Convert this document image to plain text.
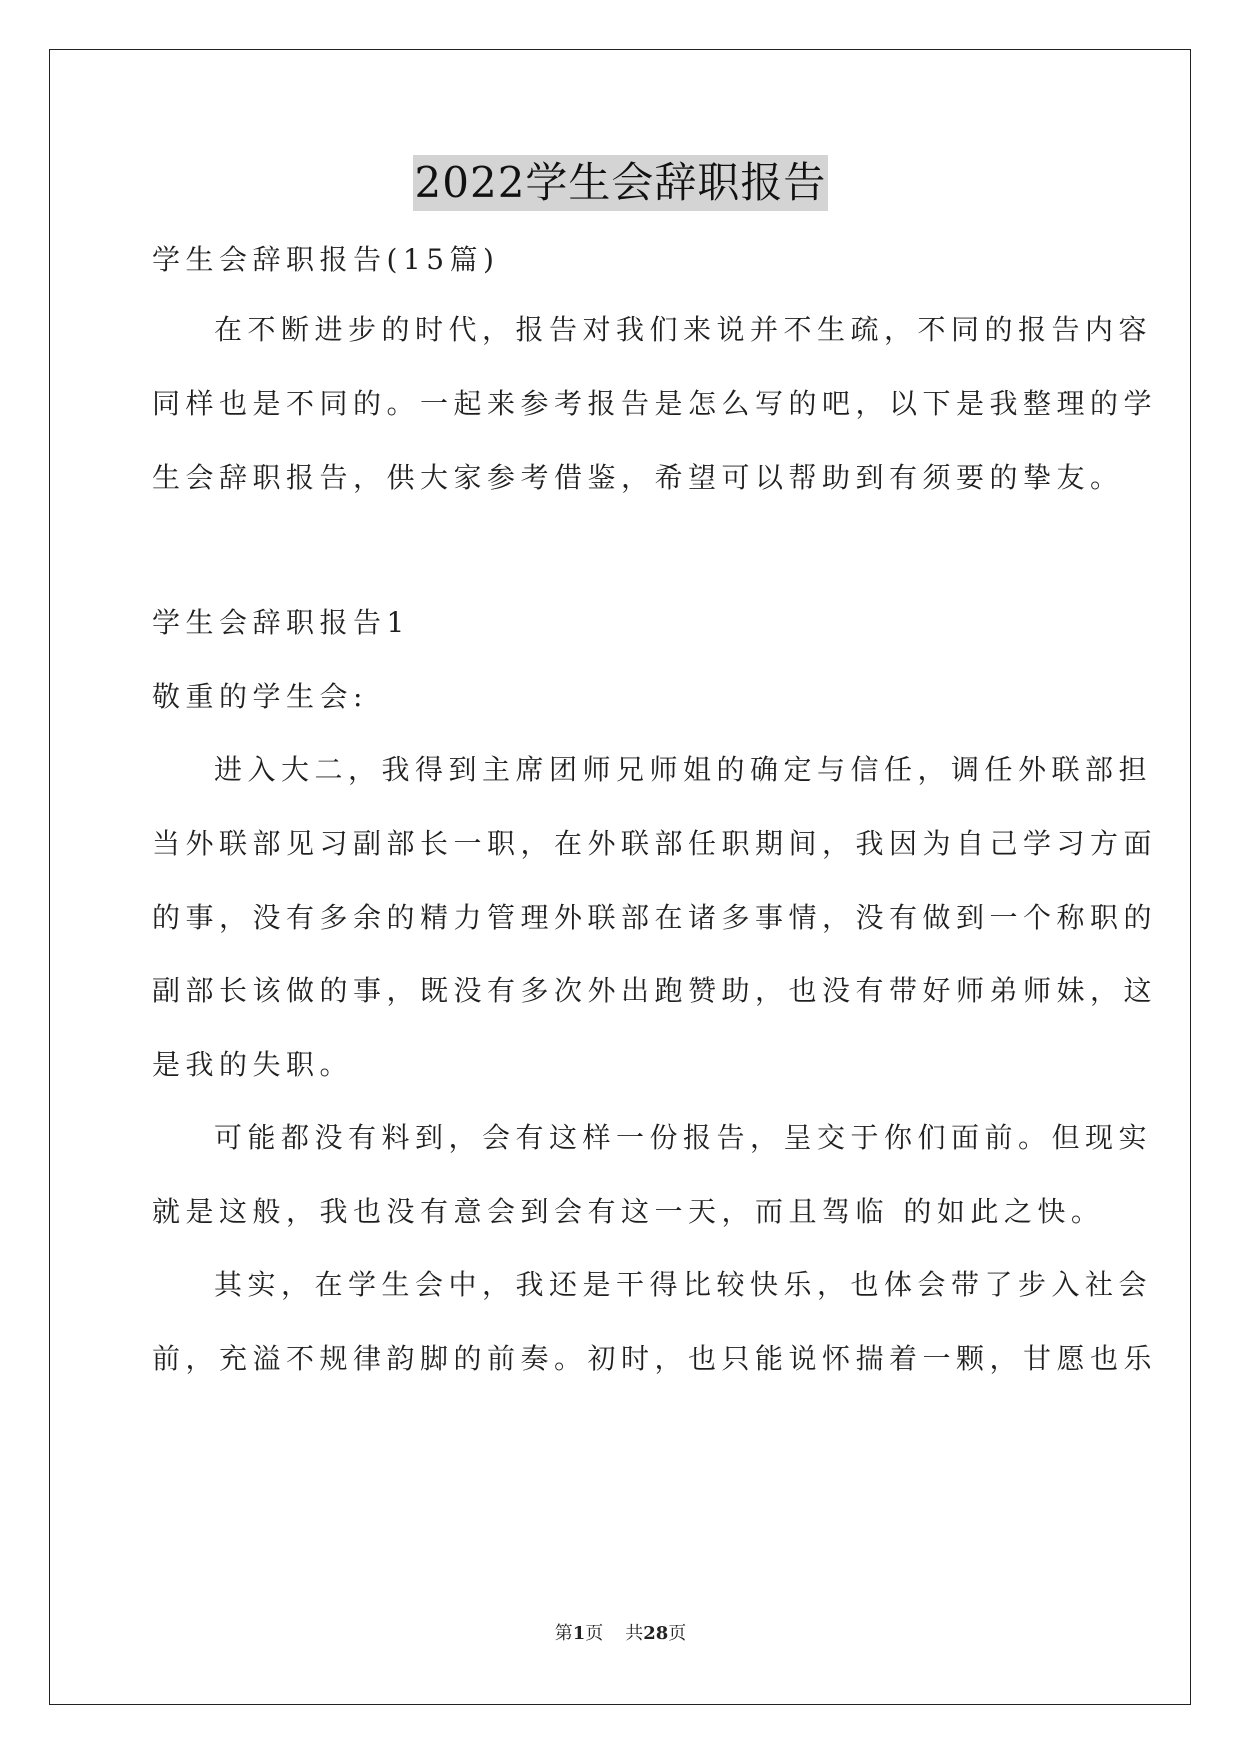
2022学生会辞职报告
学生会辞职报告(15篇)
在不断进步的时代，报告对我们来说并不生疏，不同的报告内容
同样也是不同的。一起来参考报告是怎么写的吧，以下是我整理的学
生会辞职报告，供大家参考借鉴，希望可以帮助到有须要的挚友。
学生会辞职报告1
敬重的学生会:
进入大二，我得到主席团师兄师姐的确定与信任，调任外联部担
当外联部见习副部长一职，在外联部任职期间，我因为自己学习方面
的事，没有多余的精力管理外联部在诸多事情，没有做到一个称职的
副部长该做的事，既没有多次外出跑赞助，也没有带好师弟师妹，这
是我的失职。
可能都没有料到，会有这样一份报告，呈交于你们面前。但现实
就是这般，我也没有意会到会有这一天，而且驾临 的如此之快。
其实，在学生会中，我还是干得比较快乐，也体会带了步入社会
前，充溢不规律韵脚的前奏。初时，也只能说怀揣着一颗，甘愿也乐
第1页 共28页
